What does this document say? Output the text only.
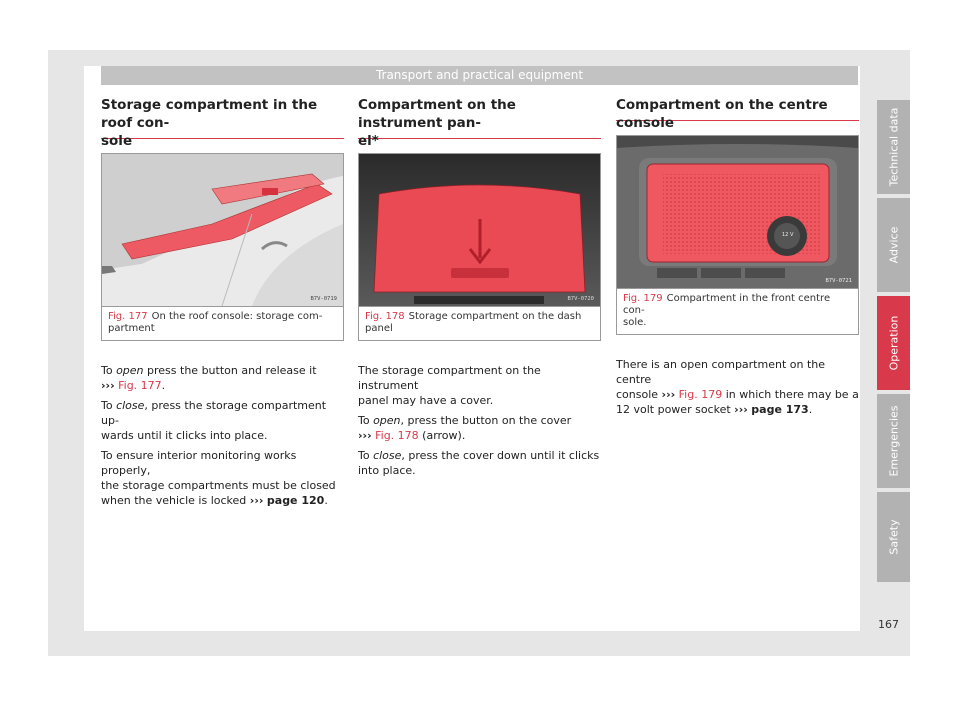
Transport and practical equipment
Storage compartment in the roof con-
sole
B7V-0719
Fig. 177 On the roof console: storage com-
partment

To open press the button and release it
››› Fig. 177.

To close, press the storage compartment up-
wards until it clicks into place.

To ensure interior monitoring works properly,
the storage compartments must be closed
when the vehicle is locked ››› page 120.

Compartment on the instrument pan-
el*
B7V-0720
Fig. 178 Storage compartment on the dash
panel

The storage compartment on the instrument
panel may have a cover.

To open, press the button on the cover
››› Fig. 178 (arrow).

To close, press the cover down until it clicks
into place.

Compartment on the centre console
12 V
B7V-0721
Fig. 179 Compartment in the front centre con-
sole.

There is an open compartment on the centre
console ››› Fig. 179 in which there may be a
12 volt power socket ››› page 173.

Technical data
Advice
Operation
Emergencies
Safety
167
